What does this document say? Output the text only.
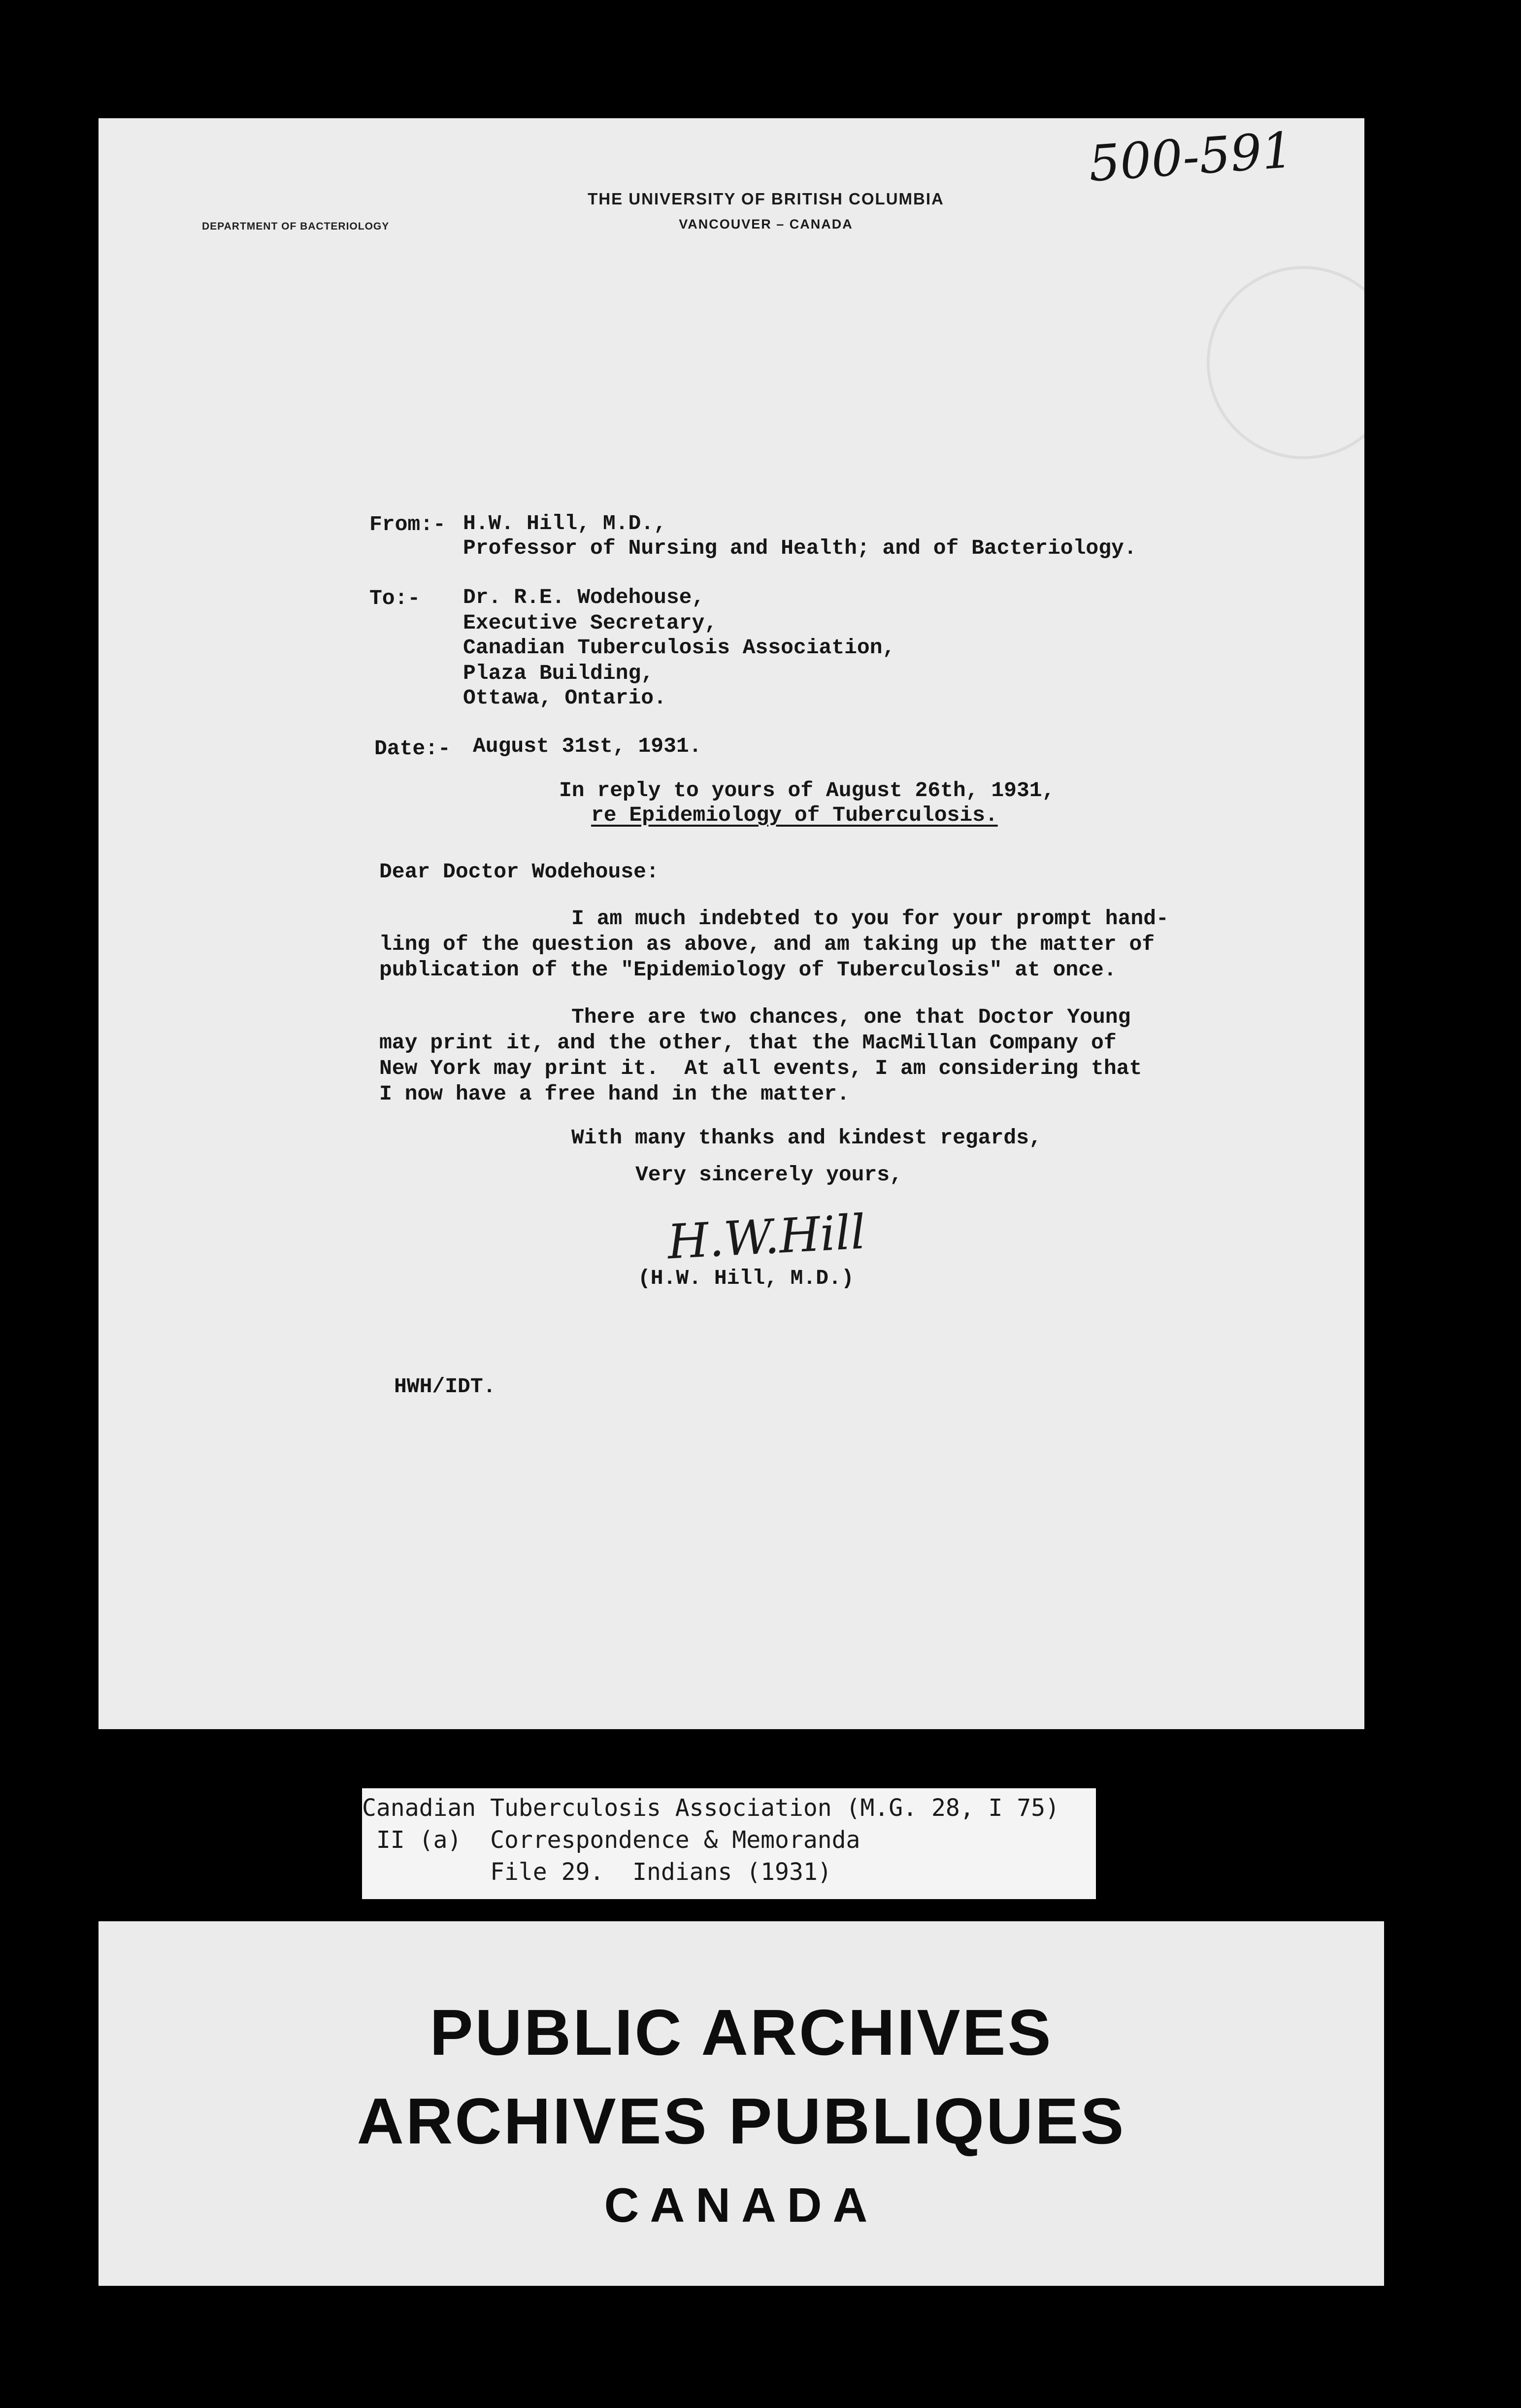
​
500-591
DEPARTMENT OF BACTERIOLOGY
THE UNIVERSITY OF BRITISH COLUMBIA
VANCOUVER – CANADA
From:- H.W. Hill, M.D.,
Professor of Nursing and Health; and of Bacteriology.
To:- Dr. R.E. Wodehouse,
Executive Secretary,
Canadian Tuberculosis Association,
Plaza Building,
Ottawa, Ontario.
Date:- August 31st, 1931.
In reply to yours of August 26th, 1931,
re Epidemiology of Tuberculosis.
Dear Doctor Wodehouse:
I am much indebted to you for your prompt hand-
ling of the question as above, and am taking up the matter of
publication of the "Epidemiology of Tuberculosis" at once.
There are two chances, one that Doctor Young
may print it, and the other, that the MacMillan Company of
New York may print it.  At all events, I am considering that
I now have a free hand in the matter.
With many thanks and kindest regards,
Very sincerely yours,
H.W.Hill
(H.W. Hill, M.D.)
HWH/IDT.
Canadian Tuberculosis Association (M.G. 28, I 75)
II (a)  Correspondence & Memoranda
File 29.  Indians (1931)
PUBLIC ARCHIVES
ARCHIVES PUBLIQUES
CANADA
